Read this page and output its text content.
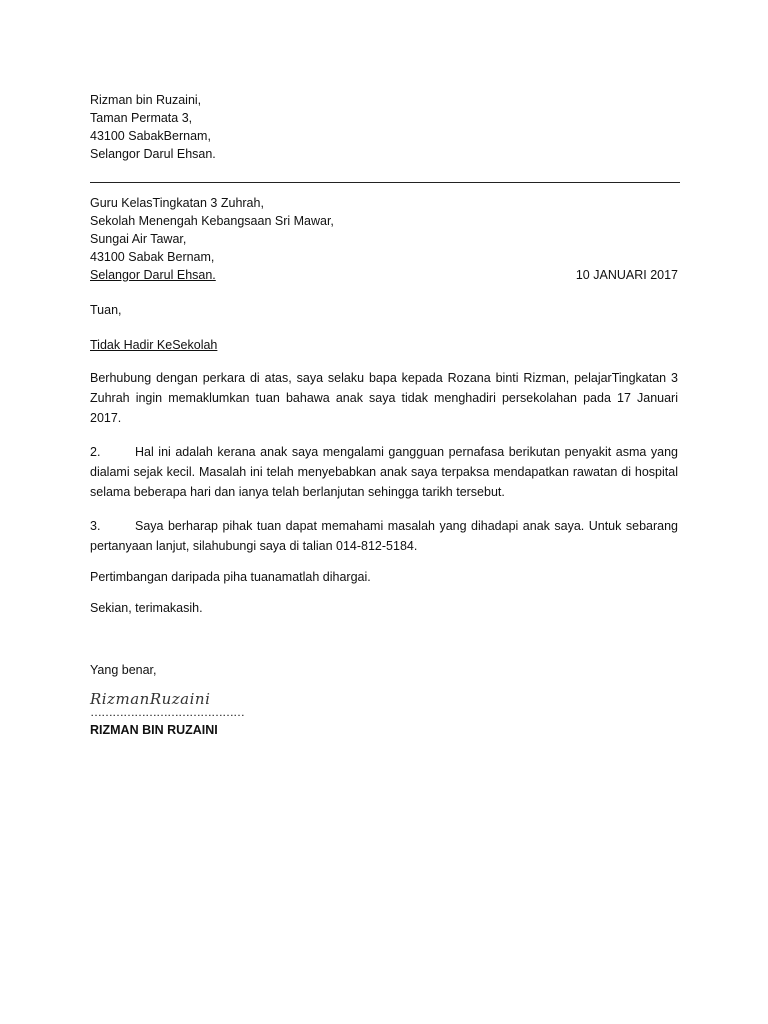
Rizman bin Ruzaini,
Taman Permata 3,
43100 SabakBernam,
Selangor Darul Ehsan.
Guru KelasTingkatan 3 Zuhrah,
Sekolah Menengah Kebangsaan Sri Mawar,
Sungai Air Tawar,
43100 Sabak Bernam,
Selangor Darul Ehsan.	10 JANUARI 2017
Tuan,
Tidak Hadir KeSekolah
Berhubung dengan perkara di atas, saya selaku bapa kepada Rozana binti Rizman, pelajarTingkatan 3 Zuhrah ingin memaklumkan tuan bahawa anak saya tidak menghadiri persekolahan pada 17 Januari 2017.
2.	Hal ini adalah kerana anak saya mengalami gangguan pernafasa berikutan penyakit asma yang dialami sejak kecil. Masalah ini telah menyebabkan anak saya terpaksa mendapatkan rawatan di hospital selama beberapa hari dan ianya telah berlanjutan sehingga tarikh tersebut.
3.	Saya berharap pihak tuan dapat memahami masalah yang dihadapi anak saya. Untuk sebarang pertanyaan lanjut, silahubungi saya di talian 014-812-5184.
Pertimbangan daripada piha tuanamatlah dihargai.
Sekian, terimakasih.
Yang benar,
RizmanRuzaini
……………………………………
RIZMAN BIN RUZAINI
